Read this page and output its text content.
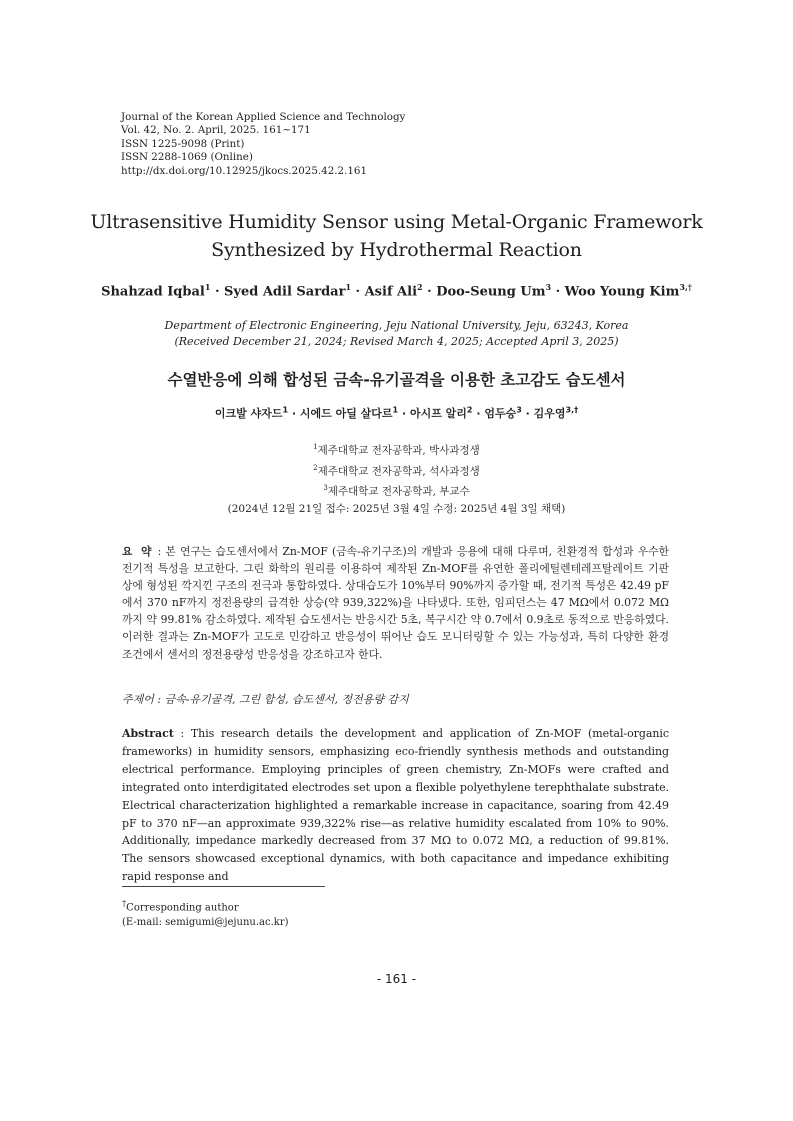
Journal of the Korean Applied Science and Technology
Vol. 42, No. 2. April, 2025. 161~171
ISSN 1225-9098 (Print)
ISSN 2288-1069 (Online)
http://dx.doi.org/10.12925/jkocs.2025.42.2.161
Ultrasensitive Humidity Sensor using Metal-Organic Framework
Synthesized by Hydrothermal Reaction
Shahzad Iqbal$^1$ · Syed Adil Sardar$^1$ · Asif Ali$^2$ · Doo-Seung $Um^3$ · Woo Young Kim$^{3,\dagger}$
Department of Electronic Engineering, Jeju National University, Jeju, 63243, Korea
(Received December 21, 2024; Revised March 4, 2025; Accepted April 3, 2025)
수열반응에 의해 합성된 금속-유기골격을 이용한 초고감도 습도센서
이크발 샤자드$^1$ · 시에드 아딜 살다르$^1$ · 아시프 알리$^2$ · 엄두승$^3$ · 김우영$^{3,\dagger}$
$^1$제주대학교 전자공학과, 박사과정생
$^2$제주대학교 전자공학과, 석사과정생
$^3$제주대학교 전자공학과, 부교수
(2024년 12월 21일 접수: 2025년 3월 4일 수정: 2025년 4월 3일 채택)
요 약 : 본 연구는 습도센서에서 Zn-MOF (금속-유기구조)의 개발과 응용에 대해 다루며, 친환경적 합성과 우수한 전기적 특성을 보고한다. 그린 화학의 원리를 이용하여 제작된 Zn-MOF를 유연한 폴리에틸렌테레프탈레이트 기판 상에 형성된 깍지낀 구조의 전극과 통합하였다. 상대습도가 10%부터 90%까지 증가할 때, 전기적 특성은 42.49 pF에서 370 nF까지 정전용량의 급격한 상승(약 939,322%)을 나타냈다. 또한, 임피던스는 47 MΩ에서 0.072 MΩ까지 약 99.81% 감소하였다. 제작된 습도센서는 반응시간 5초, 복구시간 약 0.7에서 0.9초로 동적으로 반응하였다. 이러한 결과는 Zn-MOF가 고도로 민감하고 반응성이 뛰어난 습도 모니터링할 수 있는 가능성과, 특히 다양한 환경 조건에서 센서의 정전용량성 반응성을 강조하고자 한다.
주제어 : 금속-유기골격, 그린 합성, 습도센서, 정전용량 감지
Abstract : This research details the development and application of Zn-MOF (metal-organic frameworks) in humidity sensors, emphasizing eco-friendly synthesis methods and outstanding electrical performance. Employing principles of green chemistry, Zn-MOFs were crafted and integrated onto interdigitated electrodes set upon a flexible polyethylene terephthalate substrate. Electrical characterization highlighted a remarkable increase in capacitance, soaring from 42.49 pF to 370 nF—an approximate 939,322% rise—as relative humidity escalated from 10% to 90%. Additionally, impedance markedly decreased from 37 MΩ to 0.072 MΩ, a reduction of 99.81%. The sensors showcased exceptional dynamics, with both capacitance and impedance exhibiting rapid response and
†Corresponding author
(E-mail: semigumi@jejunu.ac.kr)
- 161 -
